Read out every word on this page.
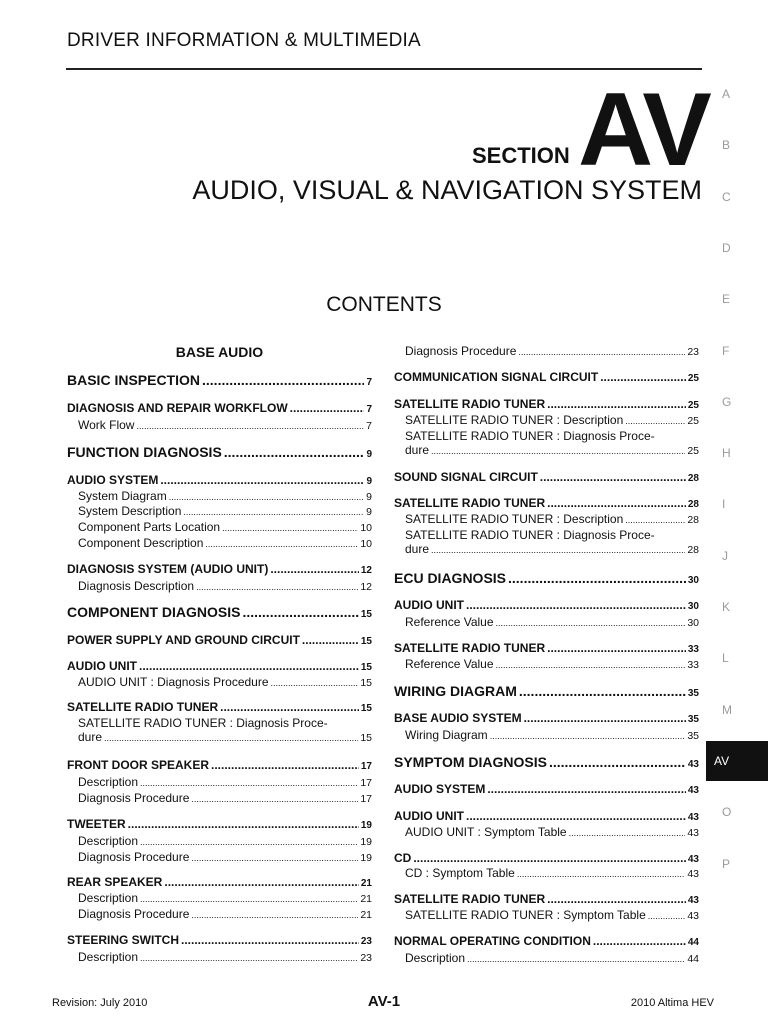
DRIVER INFORMATION & MULTIMEDIA
SECTION AV
AUDIO, VISUAL & NAVIGATION SYSTEM
CONTENTS
BASE AUDIO
BASIC INSPECTION .....	7
DIAGNOSIS AND REPAIR WORKFLOW .....	7
Work Flow .....	7
FUNCTION DIAGNOSIS .....	9
AUDIO SYSTEM .....	9
System Diagram .....	9
System Description .....	9
Component Parts Location .....	10
Component Description .....	10
DIAGNOSIS SYSTEM (AUDIO UNIT) .....	12
Diagnosis Description .....	12
COMPONENT DIAGNOSIS .....	15
POWER SUPPLY AND GROUND CIRCUIT .....	15
AUDIO UNIT .....	15
AUDIO UNIT : Diagnosis Procedure .....	15
SATELLITE RADIO TUNER .....	15
SATELLITE RADIO TUNER : Diagnosis Proce-
dure .....	15
FRONT DOOR SPEAKER .....	17
Description .....	17
Diagnosis Procedure .....	17
TWEETER .....	19
Description .....	19
Diagnosis Procedure .....	19
REAR SPEAKER .....	21
Description .....	21
Diagnosis Procedure .....	21
STEERING SWITCH .....	23
Description .....	23
Diagnosis Procedure .....	23
COMMUNICATION SIGNAL CIRCUIT .....	25
SATELLITE RADIO TUNER .....	25
SATELLITE RADIO TUNER : Description .....	25
SATELLITE RADIO TUNER : Diagnosis Proce-
dure .....	25
SOUND SIGNAL CIRCUIT .....	28
SATELLITE RADIO TUNER .....	28
SATELLITE RADIO TUNER : Description .....	28
SATELLITE RADIO TUNER : Diagnosis Proce-
dure .....	28
ECU DIAGNOSIS .....	30
AUDIO UNIT .....	30
Reference Value .....	30
SATELLITE RADIO TUNER .....	33
Reference Value .....	33
WIRING DIAGRAM .....	35
BASE AUDIO SYSTEM .....	35
Wiring Diagram .....	35
SYMPTOM DIAGNOSIS .....	43
AUDIO SYSTEM .....	43
AUDIO UNIT .....	43
AUDIO UNIT : Symptom Table .....	43
CD .....	43
CD : Symptom Table .....	43
SATELLITE RADIO TUNER .....	43
SATELLITE RADIO TUNER : Symptom Table .....	43
NORMAL OPERATING CONDITION .....	44
Description .....	44
A
B
C
D
E
F
G
H
I
J
K
L
M
AV
O
P
Revision: July 2010	AV-1	2010 Altima HEV
